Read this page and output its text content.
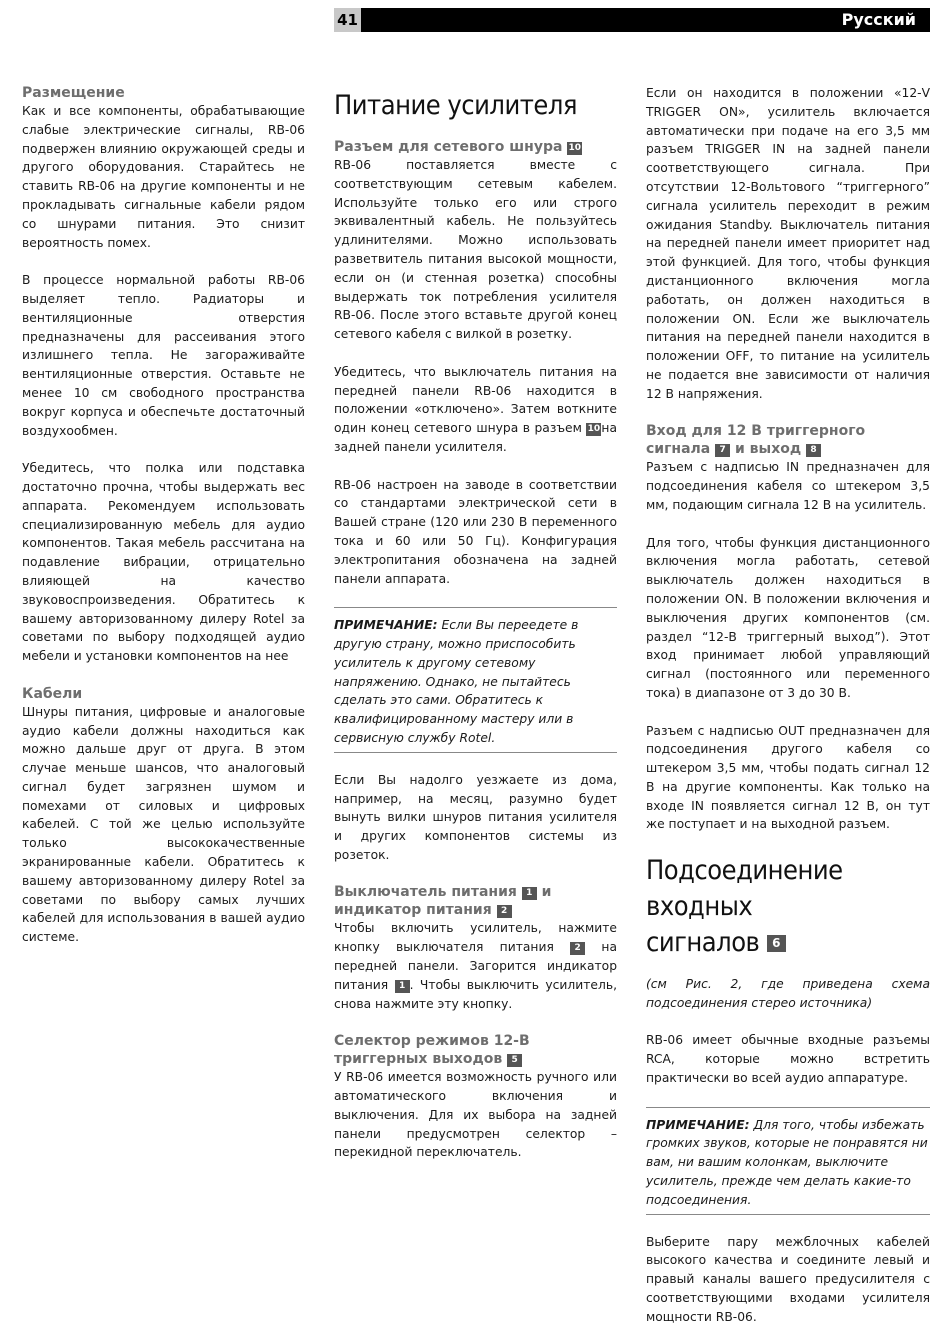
41	Русский
Размещение

Как и все компоненты, обрабатывающие слабые электрические сигналы, RB-06 подвержен влиянию окружающей среды и другого оборудования. Старайтесь не ставить RB-06 на другие компоненты и не прокладывать сигнальные кабели рядом со шнурами питания. Это снизит вероятность помех.

В процессе нормальной работы RB-06 выделяет тепло. Радиаторы и вентиляционные отверстия предназначены для рассеивания этого излишнего тепла. Не загораживайте вентиляционные отверстия. Оставьте не менее 10 см свободного пространства вокруг корпуса и обеспечьте достаточный воздухообмен.

Убедитесь, что полка или подставка достаточно прочна, чтобы выдержать вес аппарата. Рекомендуем использовать специализированную мебель для аудио компонентов. Такая мебель рассчитана на подавление вибрации, отрицательно влияющей на качество звуковоспроизведения. Обратитесь к вашему авторизованному дилеру Rotel за советами по выбору подходящей аудио мебели и установки компонентов на нее

Кабели

Шнуры питания, цифровые и аналоговые аудио кабели должны находиться как можно дальше друг от друга. В этом случае меньше шансов, что аналоговый сигнал будет загрязнен шумом и помехами от силовых и цифровых кабелей. С той же целью используйте только высококачественные экранированные кабели. Обратитесь к вашему авторизованному дилеру Rotel за советами по выбору самых лучших кабелей для использования в вашей аудио системе.

Питание усилителя
Разъем для сетевого шнура 10

RB-06 поставляется вместе с соответствующим сетевым кабелем. Используйте только его или строго эквивалентный кабель. Не пользуйтесь удлинителями. Можно использовать разветвитель питания высокой мощности, если он (и стенная розетка) способны выдержать ток потребления усилителя RB-06. После этого вставьте другой конец сетевого кабеля с вилкой в розетку.

Убедитесь, что выключатель питания на передней панели RB-06 находится в положении «отключено». Затем воткните один конец сетевого шнура в разъем 10на задней панели усилителя.

RB-06 настроен на заводе в соответствии со стандартами электрической сети в Вашей стране (120 или 230 В переменного тока и 60 или 50 Гц). Конфигурация электропитания обозначена на задней панели аппарата.

ПРИМЕЧАНИЕ: Если Вы переедете в другую страну, можно приспособить усилитель к другому сетевому напряжению. Однако, не пытайтесь сделать это сами. Обратитесь к квалифицированному мастеру или в сервисную службу Rotel.

Если Вы надолго уезжаете из дома, например, на месяц, разумно будет вынуть вилки шнуров питания усилителя и других компонентов системы из розеток.

Выключатель питания 1 и
индикатор питания 2

Чтобы включить усилитель, нажмите кнопку выключателя питания 2 на передней панели. Загорится индикатор питания 1 . Чтобы выключить усилитель, снова нажмите эту кнопку.

Селектор режимов 12-В
триггерных выходов 5

У RB-06 имеется возможность ручного или автоматического включения и выключения. Для их выбора на задней панели предусмотрен селектор – перекидной переключатель.

Если он находится в положении «12-V TRIGGER ON», усилитель включается автоматически при подаче на его 3,5 мм разъем TRIGGER IN на задней панели соответствующего сигнала. При отсутствии 12-Вольтового “триггерного” сигнала усилитель переходит в режим ожидания Standby. Выключатель питания на передней панели имеет приоритет над этой функцией. Для того, чтобы функция дистанционного включения могла работать, он должен находиться в положении ON. Если же выключатель питания на передней панели находится в положении OFF, то питание на усилитель не подается вне зависимости от наличия 12 В напряжения.

Вход для 12 В триггерного
сигнала 7 и выход 8

Разъем с надписью IN предназначен для подсоединения кабеля со штекером 3,5 мм, подающим сигнала 12 В на усилитель.

Для того, чтобы функция дистанционного включения могла работать, сетевой выключатель должен находиться в положении ON. В положении включения и выключения других компонентов (см. раздел “12-В триггерный выход”). Этот вход принимает любой управляющий сигнал (постоянного или переменного тока) в диапазоне от 3 до 30 В.

Разъем с надписью OUT предназначен для подсоединения другого кабеля со штекером 3,5 мм, чтобы подать сигнал 12 В на другие компоненты. Как только на входе IN появляется сигнал 12 В, он тут же поступает и на выходной разъем.

Подсоединение входных
сигналов 6

(см Рис. 2, где приведена схема подсоединения стерео источника)

RB-06 имеет обычные входные разъемы RCA, которые можно встретить практически во всей аудио аппаратуре.

ПРИМЕЧАНИЕ: Для того, чтобы избежать громких звуков, которые не понравятся ни вам, ни вашим колонкам, выключите усилитель, прежде чем делать какие-то подсоединения.

Выберите пару межблочных кабелей высокого качества и соедините левый и правый каналы вашего предусилителя с соответствующими входами усилителя мощности RB-06.
